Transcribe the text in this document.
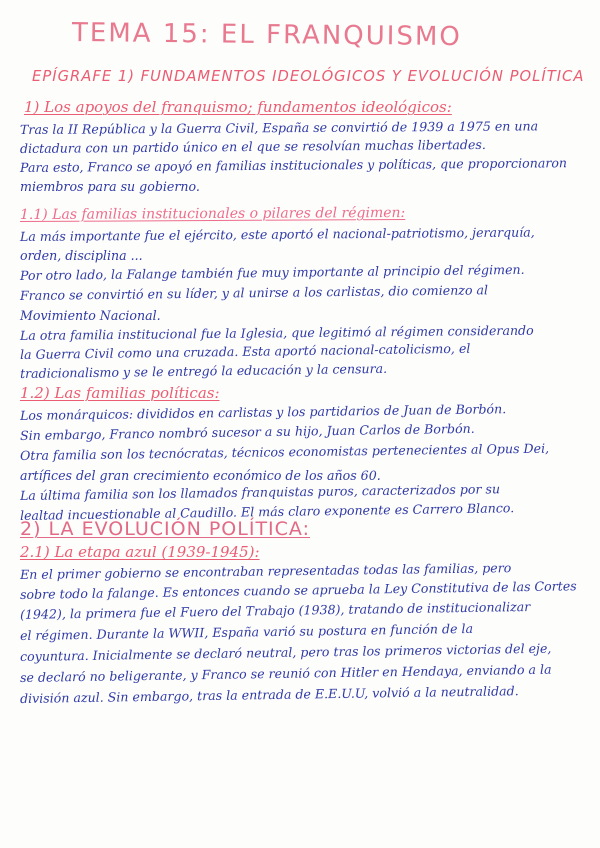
TEMA 15: EL FRANQUISMO
EPÍGRAFE 1) FUNDAMENTOS IDEOLÓGICOS Y EVOLUCIÓN POLÍTICA
1) Los apoyos del franquismo; fundamentos ideológicos:
Tras la II República y la Guerra Civil, España se convirtió de 1939 a 1975 en una
dictadura con un partido único en el que se resolvían muchas libertades.
Para esto, Franco se apoyó en familias institucionales y políticas, que proporcionaron
miembros para su gobierno.
1.1) Las familias institucionales o pilares del régimen:
La más importante fue el ejército, este aportó el nacional-patriotismo, jerarquía,
orden, disciplina ...
Por otro lado, la Falange también fue muy importante al principio del régimen.
Franco se convirtió en su líder, y al unirse a los carlistas, dio comienzo al
Movimiento Nacional.
La otra familia institucional fue la Iglesia, que legitimó al régimen considerando
la Guerra Civil como una cruzada. Esta aportó nacional-catolicismo, el
tradicionalismo y se le entregó la educación y la censura.
1.2) Las familias políticas:
Los monárquicos: divididos en carlistas y los partidarios de Juan de Borbón.
Sin embargo, Franco nombró sucesor a su hijo, Juan Carlos de Borbón.
Otra familia son los tecnócratas, técnicos economistas pertenecientes al Opus Dei,
artífices del gran crecimiento económico de los años 60.
La última familia son los llamados franquistas puros, caracterizados por su
lealtad incuestionable al Caudillo. El más claro exponente es Carrero Blanco.
2) LA EVOLUCIÓN POLÍTICA:
2.1) La etapa azul (1939-1945):
En el primer gobierno se encontraban representadas todas las familias, pero
sobre todo la falange. Es entonces cuando se aprueba la Ley Constitutiva de las Cortes
(1942), la primera fue el Fuero del Trabajo (1938), tratando de institucionalizar
el régimen. Durante la WWII, España varió su postura en función de la
coyuntura. Inicialmente se declaró neutral, pero tras los primeros victorias del eje,
se declaró no beligerante, y Franco se reunió con Hitler en Hendaya, enviando a la
división azul. Sin embargo, tras la entrada de E.E.U.U, volvió a la neutralidad.
